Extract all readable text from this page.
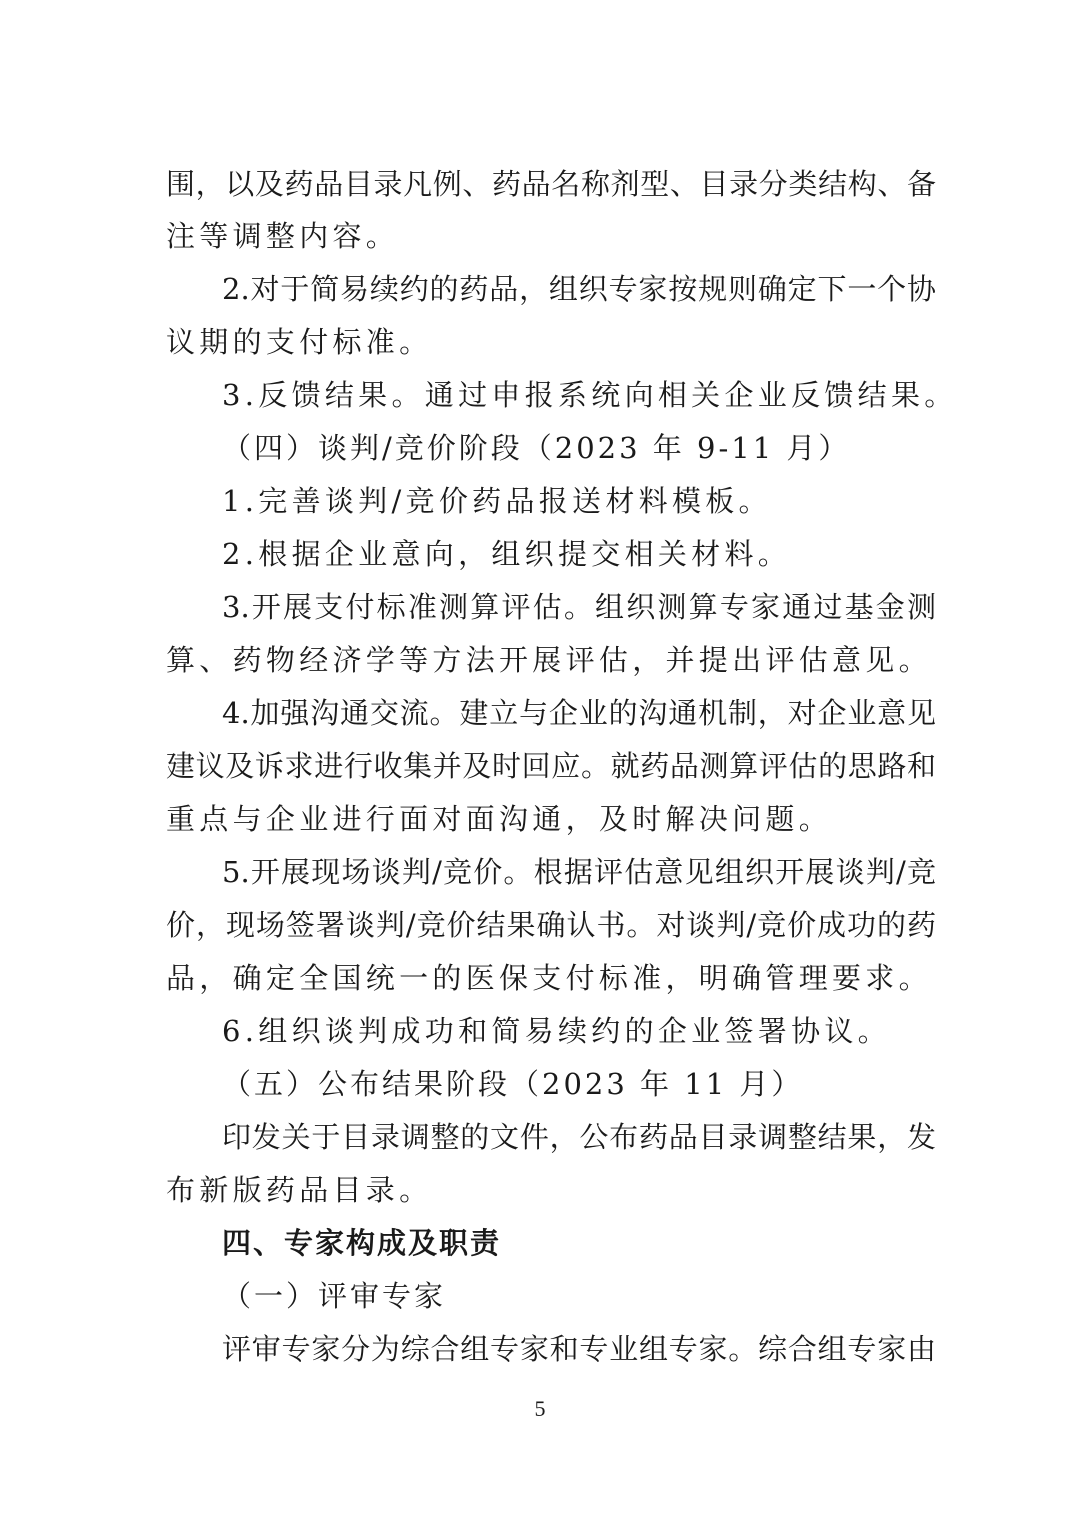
围，以及药品目录凡例、药品名称剂型、目录分类结构、备
注等调整内容。
2.对于简易续约的药品，组织专家按规则确定下一个协
议期的支付标准。
3.反馈结果。通过申报系统向相关企业反馈结果。
（四）谈判/竞价阶段（2023 年 9-11 月）
1.完善谈判/竞价药品报送材料模板。
2.根据企业意向，组织提交相关材料。
3.开展支付标准测算评估。组织测算专家通过基金测
算、药物经济学等方法开展评估，并提出评估意见。
4.加强沟通交流。建立与企业的沟通机制，对企业意见
建议及诉求进行收集并及时回应。就药品测算评估的思路和
重点与企业进行面对面沟通，及时解决问题。
5.开展现场谈判/竞价。根据评估意见组织开展谈判/竞
价，现场签署谈判/竞价结果确认书。对谈判/竞价成功的药
品，确定全国统一的医保支付标准，明确管理要求。
6.组织谈判成功和简易续约的企业签署协议。
（五）公布结果阶段（2023 年 11 月）
印发关于目录调整的文件，公布药品目录调整结果，发
布新版药品目录。
四、专家构成及职责
（一）评审专家
评审专家分为综合组专家和专业组专家。综合组专家由
5
